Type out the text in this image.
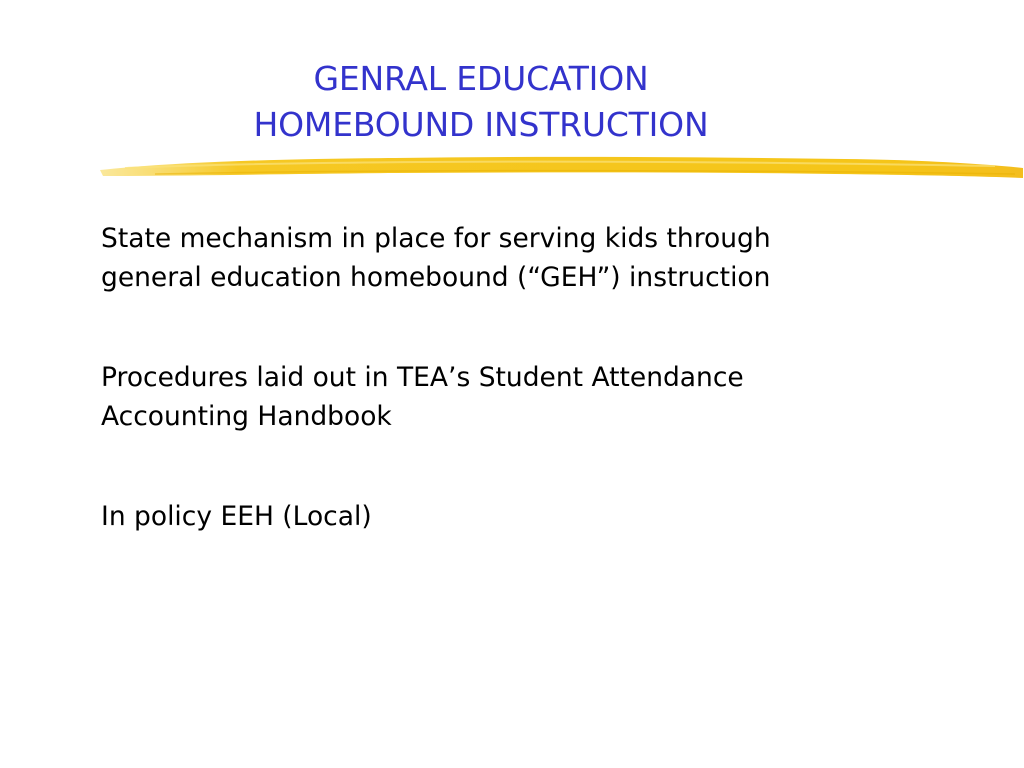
GENRAL EDUCATION
HOMEBOUND INSTRUCTION
State mechanism in place for serving kids through
general education homebound (“GEH”) instruction
Procedures laid out in TEA’s Student Attendance
Accounting Handbook
In policy EEH (Local)
